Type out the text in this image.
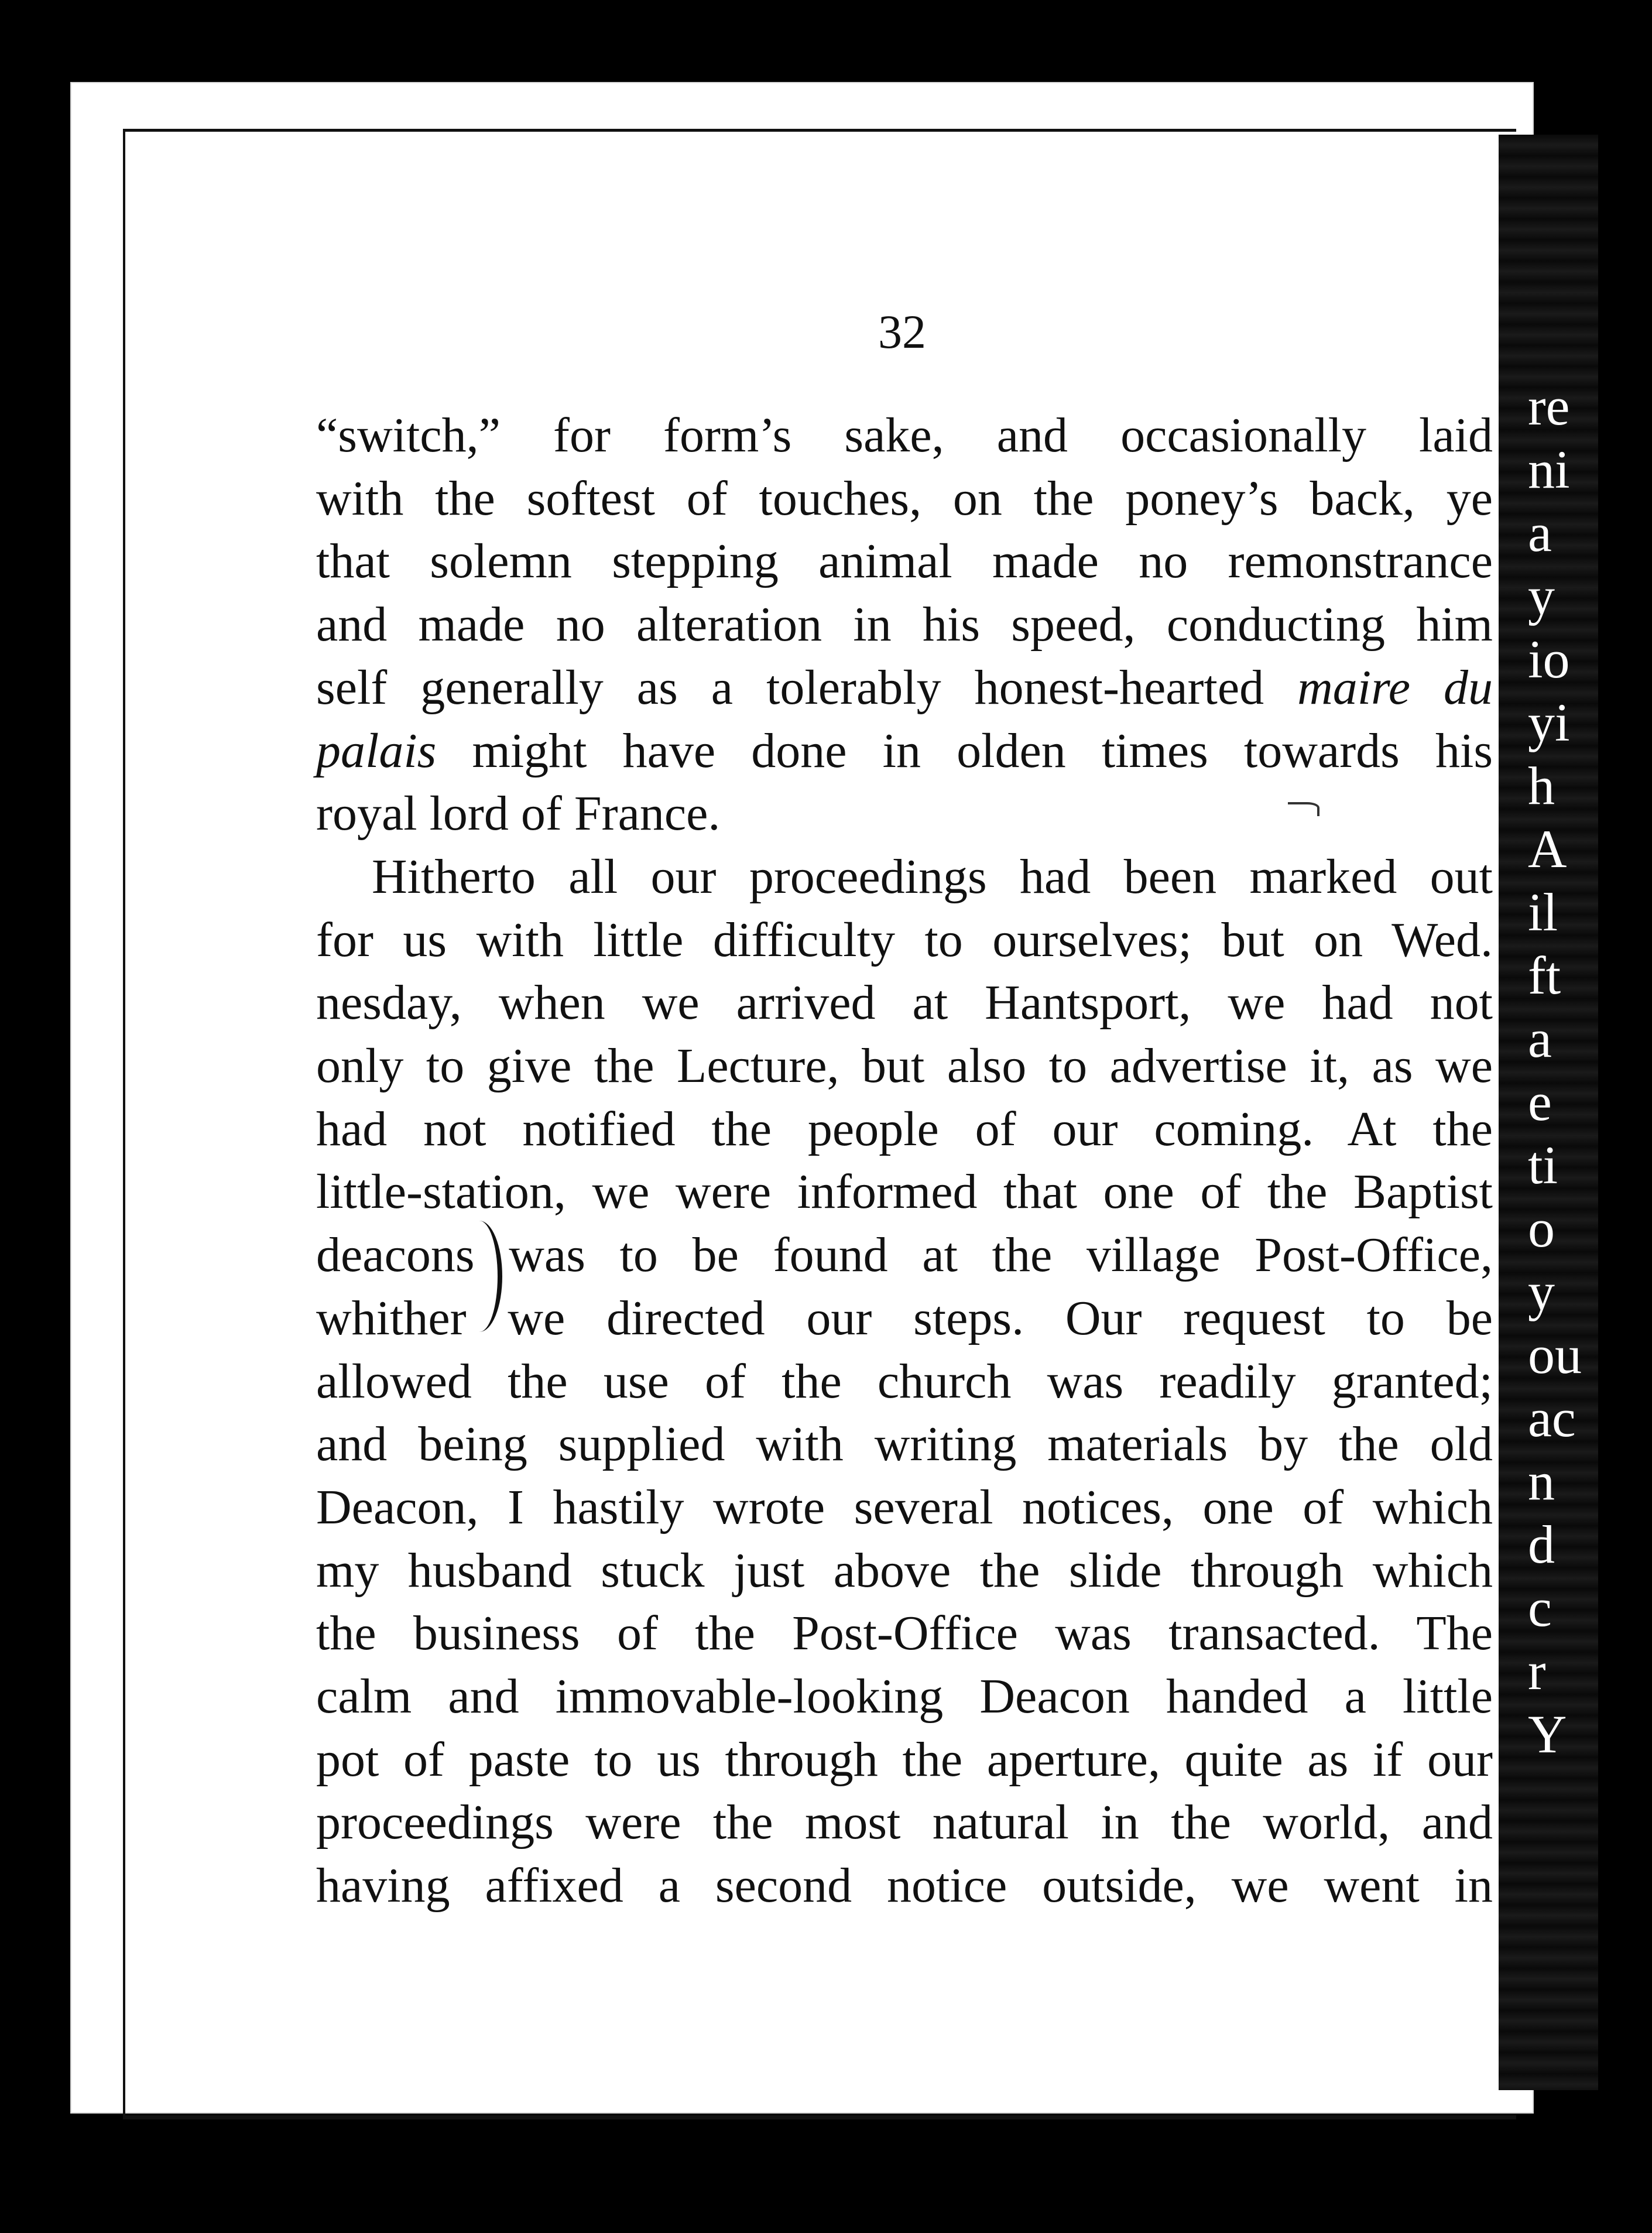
re
ni
a
y
io
yi
h
A
il
ft
a
e
ti
o
y
ou
ac
n
d
c
r
Y
32
“switch,” for form’s sake, and occasionally laid
with the softest of touches, on the poney’s back, ye
that solemn stepping animal made no remonstrance
and made no alteration in his speed, conducting him
self generally as a tolerably honest-hearted maire du
palais might have done in olden times towards his
royal lord of France.
Hitherto all our proceedings had been marked out
for us with little difficulty to ourselves; but on Wed.
nesday, when we arrived at Hantsport, we had not
only to give the Lecture, but also to advertise it, as we
had not notified the people of our coming. At the
little-station, we were informed that one of the Baptist
deacons was to be found at the village Post-Office,
whither we directed our steps. Our request to be
allowed the use of the church was readily granted;
and being supplied with writing materials by the old
Deacon, I hastily wrote several notices, one of which
my husband stuck just above the slide through which
the business of the Post-Office was transacted. The
calm and immovable-looking Deacon handed a little
pot of paste to us through the aperture, quite as if our
proceedings were the most natural in the world, and
having affixed a second notice outside, we went in
